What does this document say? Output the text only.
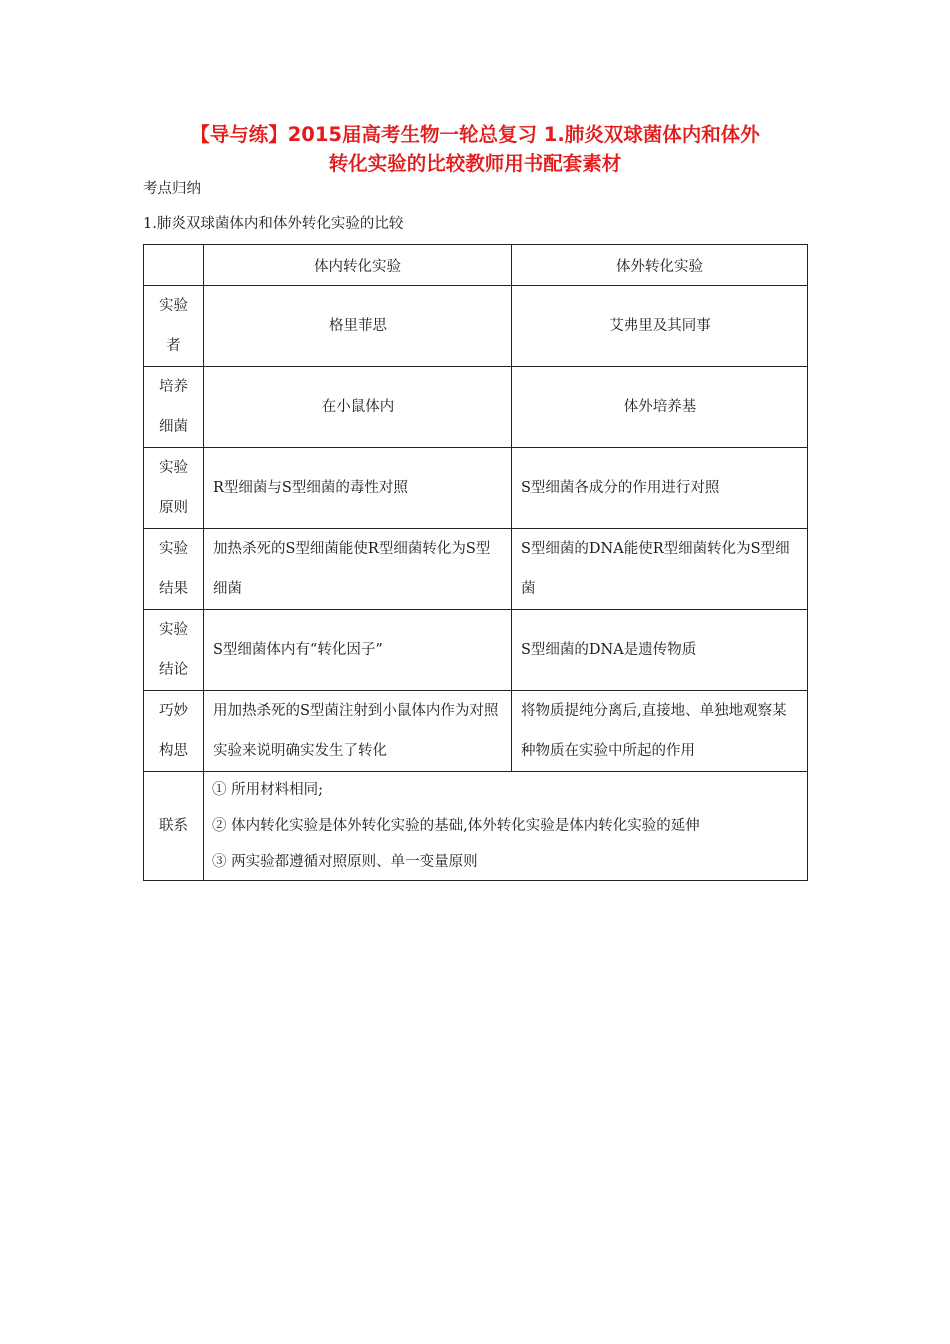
【导与练】2015届高考生物一轮总复习 1.肺炎双球菌体内和体外
转化实验的比较教师用书配套素材
考点归纳
1.肺炎双球菌体内和体外转化实验的比较
	体内转化实验	体外转化实验

实验
者	格里菲思	艾弗里及其同事

培养
细菌	在小鼠体内	体外培养基

实验
原则	R型细菌与S型细菌的毒性对照	S型细菌各成分的作用进行对照

实验
结果	加热杀死的S型细菌能使R型细菌转化为S型细菌	S型细菌的DNA能使R型细菌转化为S型细菌

实验
结论	S型细菌体内有“转化因子”	S型细菌的DNA是遗传物质

巧妙
构思	用加热杀死的S型菌注射到小鼠体内作为对照实验来说明确实发生了转化	将物质提纯分离后,直接地、单独地观察某种物质在实验中所起的作用
联系	① 所用材料相同;
② 体内转化实验是体外转化实验的基础,体外转化实验是体内转化实验的延伸
③ 两实验都遵循对照原则、单一变量原则	
